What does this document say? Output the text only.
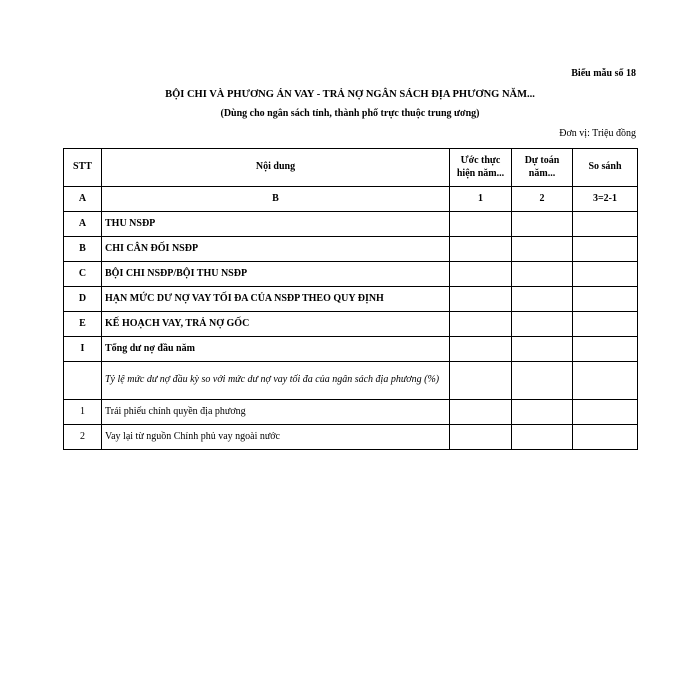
Biểu mẫu số 18
BỘI CHI VÀ PHƯƠNG ÁN VAY - TRẢ NỢ NGÂN SÁCH ĐỊA PHƯƠNG NĂM...
(Dùng cho ngân sách tỉnh, thành phố trực thuộc trung ương)
Đơn vị: Triệu đồng
STT	Nội dung	Ước thực hiện năm...	Dự toán năm...	So sánh
A	B	1	2	3=2-1
A	THU NSĐP			
B	CHI CÂN ĐỐI NSĐP			
C	BỘI CHI NSĐP/BỘI THU NSĐP			
D	HẠN MỨC DƯ NỢ VAY TỐI ĐA CỦA NSĐP THEO QUY ĐỊNH			
E	KẾ HOẠCH VAY, TRẢ NỢ GỐC			
I	Tổng dư nợ đầu năm			
	Tỷ lệ mức dư nợ đầu kỳ so với mức dư nợ vay tối đa của ngân sách địa phương (%)			
1	Trái phiếu chính quyền địa phương			
2	Vay lại từ nguồn Chính phủ vay ngoài nước			
